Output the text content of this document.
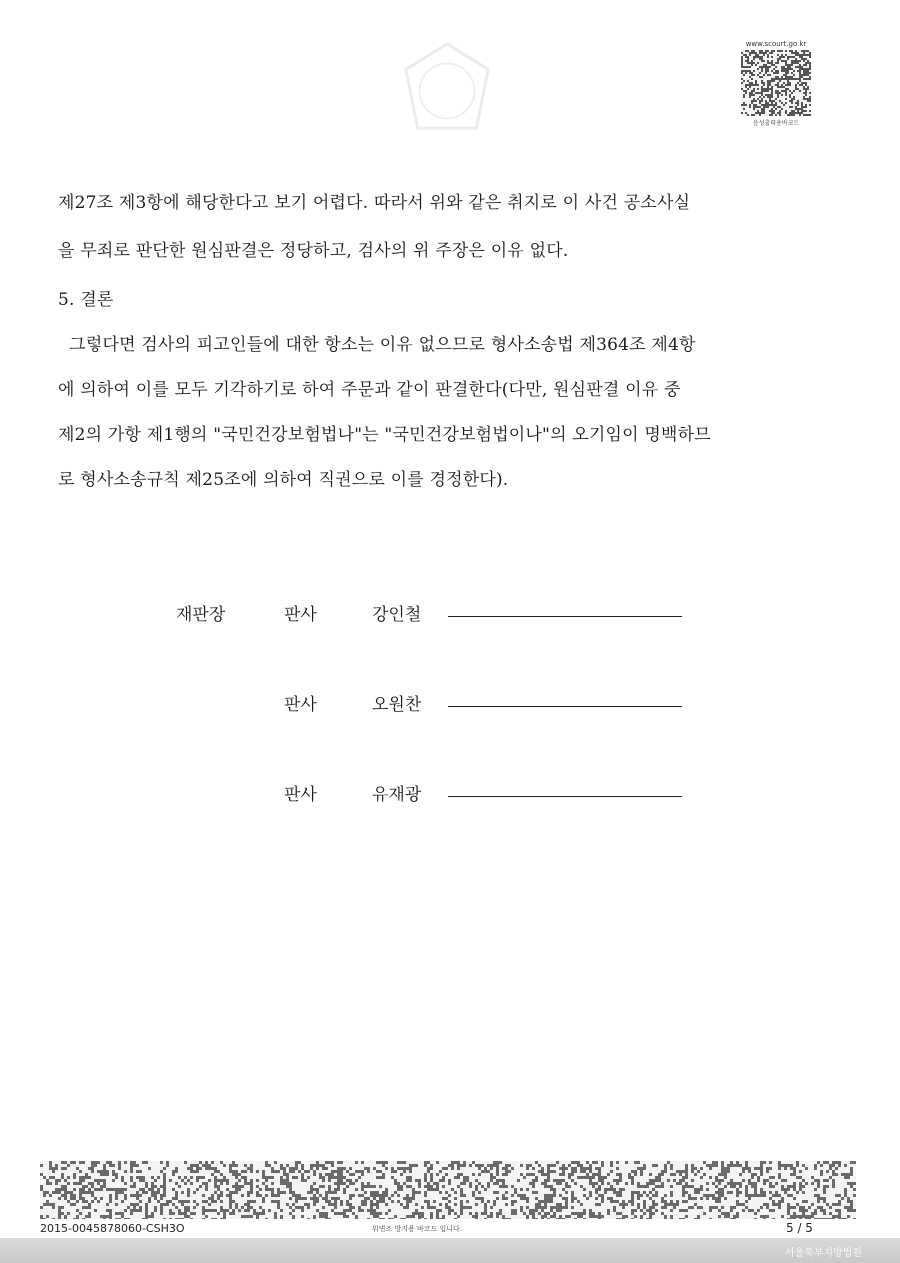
www.scourt.go.kr
음성출력용바코드
제27조 제3항에 해당한다고 보기 어렵다. 따라서 위와 같은 취지로 이 사건 공소사실
을 무죄로 판단한 원심판결은 정당하고, 검사의 위 주장은 이유 없다.
5. 결론
그렇다면 검사의 피고인들에 대한 항소는 이유 없으므로 형사소송법 제364조 제4항
에 의하여 이를 모두 기각하기로 하여 주문과 같이 판결한다(다만, 원심판결 이유 중
제2의 가항 제1행의 "국민건강보험법나"는 "국민건강보험법이나"의 오기임이 명백하므
로 형사소송규칙 제25조에 의하여 직권으로 이를 경정한다).
재판장	판사	강인철
판사	오원찬
판사	유재광
2015-0045878060-CSH3O	위변조 방지용 바코드 입니다.	5 / 5
서울북부지방법원
